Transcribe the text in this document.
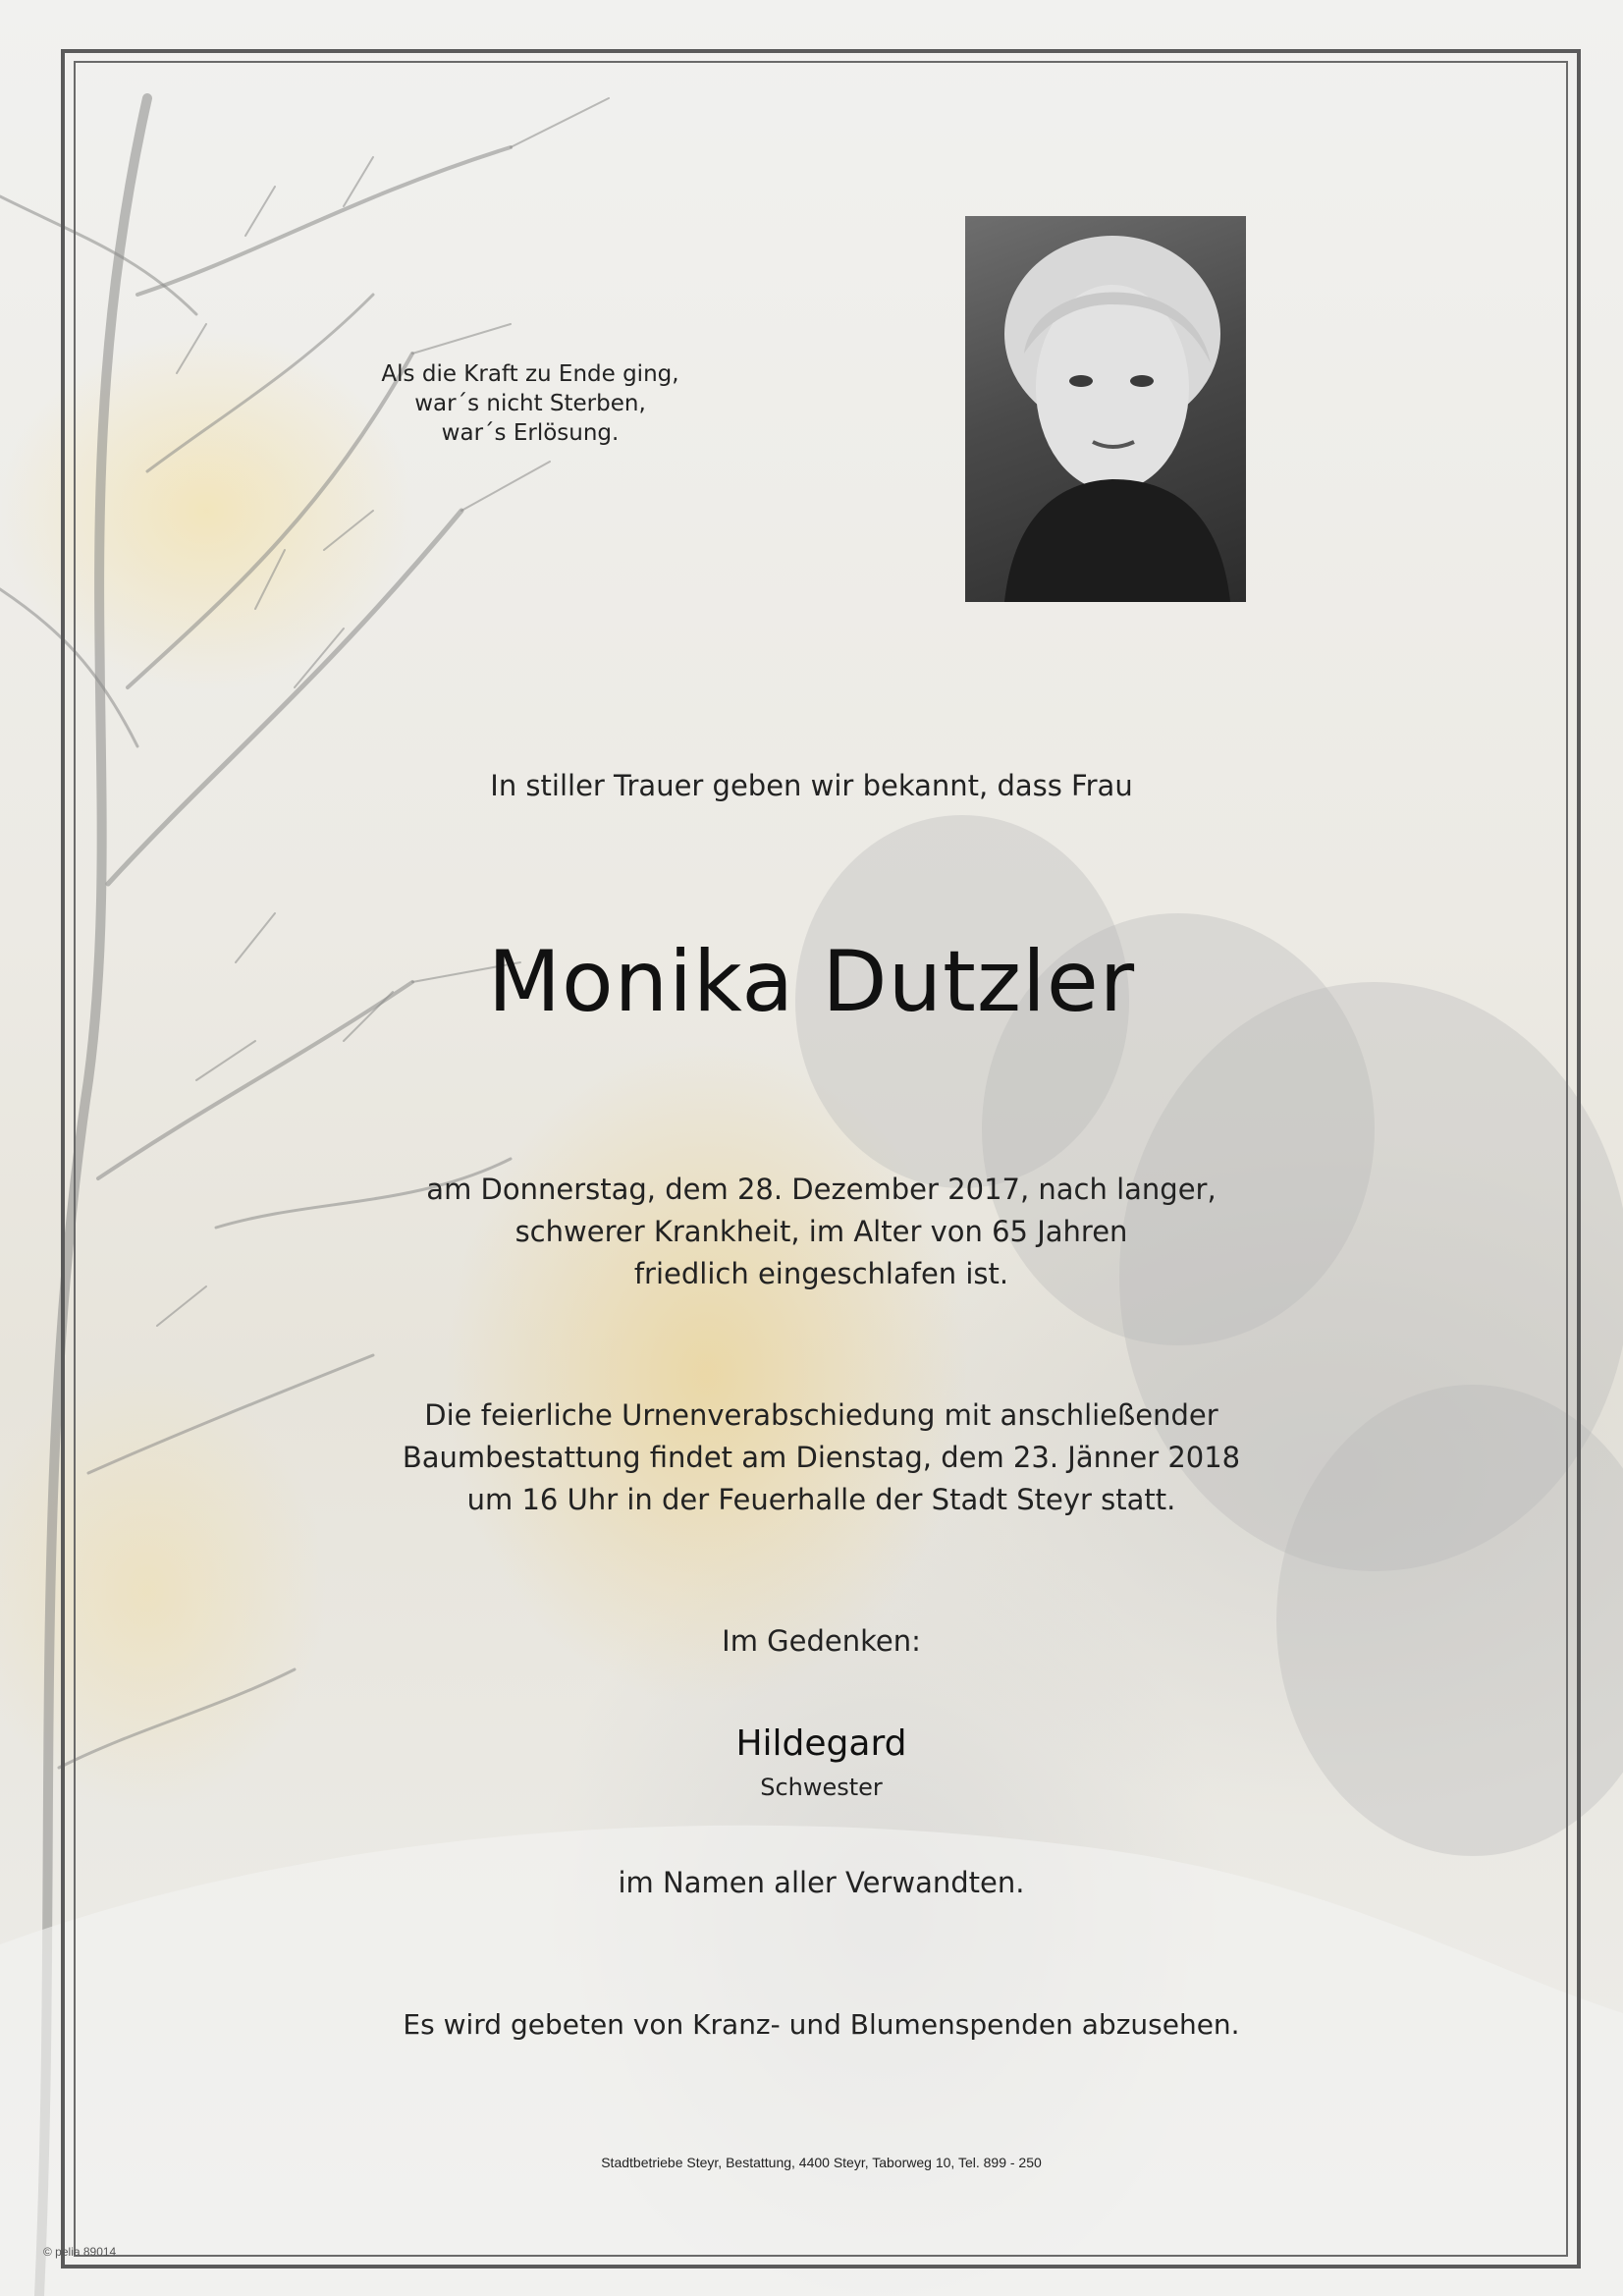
Als die Kraft zu Ende ging,
war´s nicht Sterben,
war´s Erlösung.
In stiller Trauer geben wir bekannt, dass Frau
Monika Dutzler
am Donnerstag, dem 28. Dezember 2017, nach langer,
schwerer Krankheit, im Alter von 65 Jahren
friedlich eingeschlafen ist.
Die feierliche Urnenverabschiedung mit anschließender
Baumbestattung findet am Dienstag, dem 23. Jänner 2018
um 16 Uhr in der Feuerhalle der Stadt Steyr statt.
Im Gedenken:
Hildegard
Schwester
im Namen aller Verwandten.
Es wird gebeten von Kranz- und Blumenspenden abzusehen.
Stadtbetriebe Steyr, Bestattung, 4400 Steyr, Taborweg 10, Tel. 899 - 250
© pelia 89014
